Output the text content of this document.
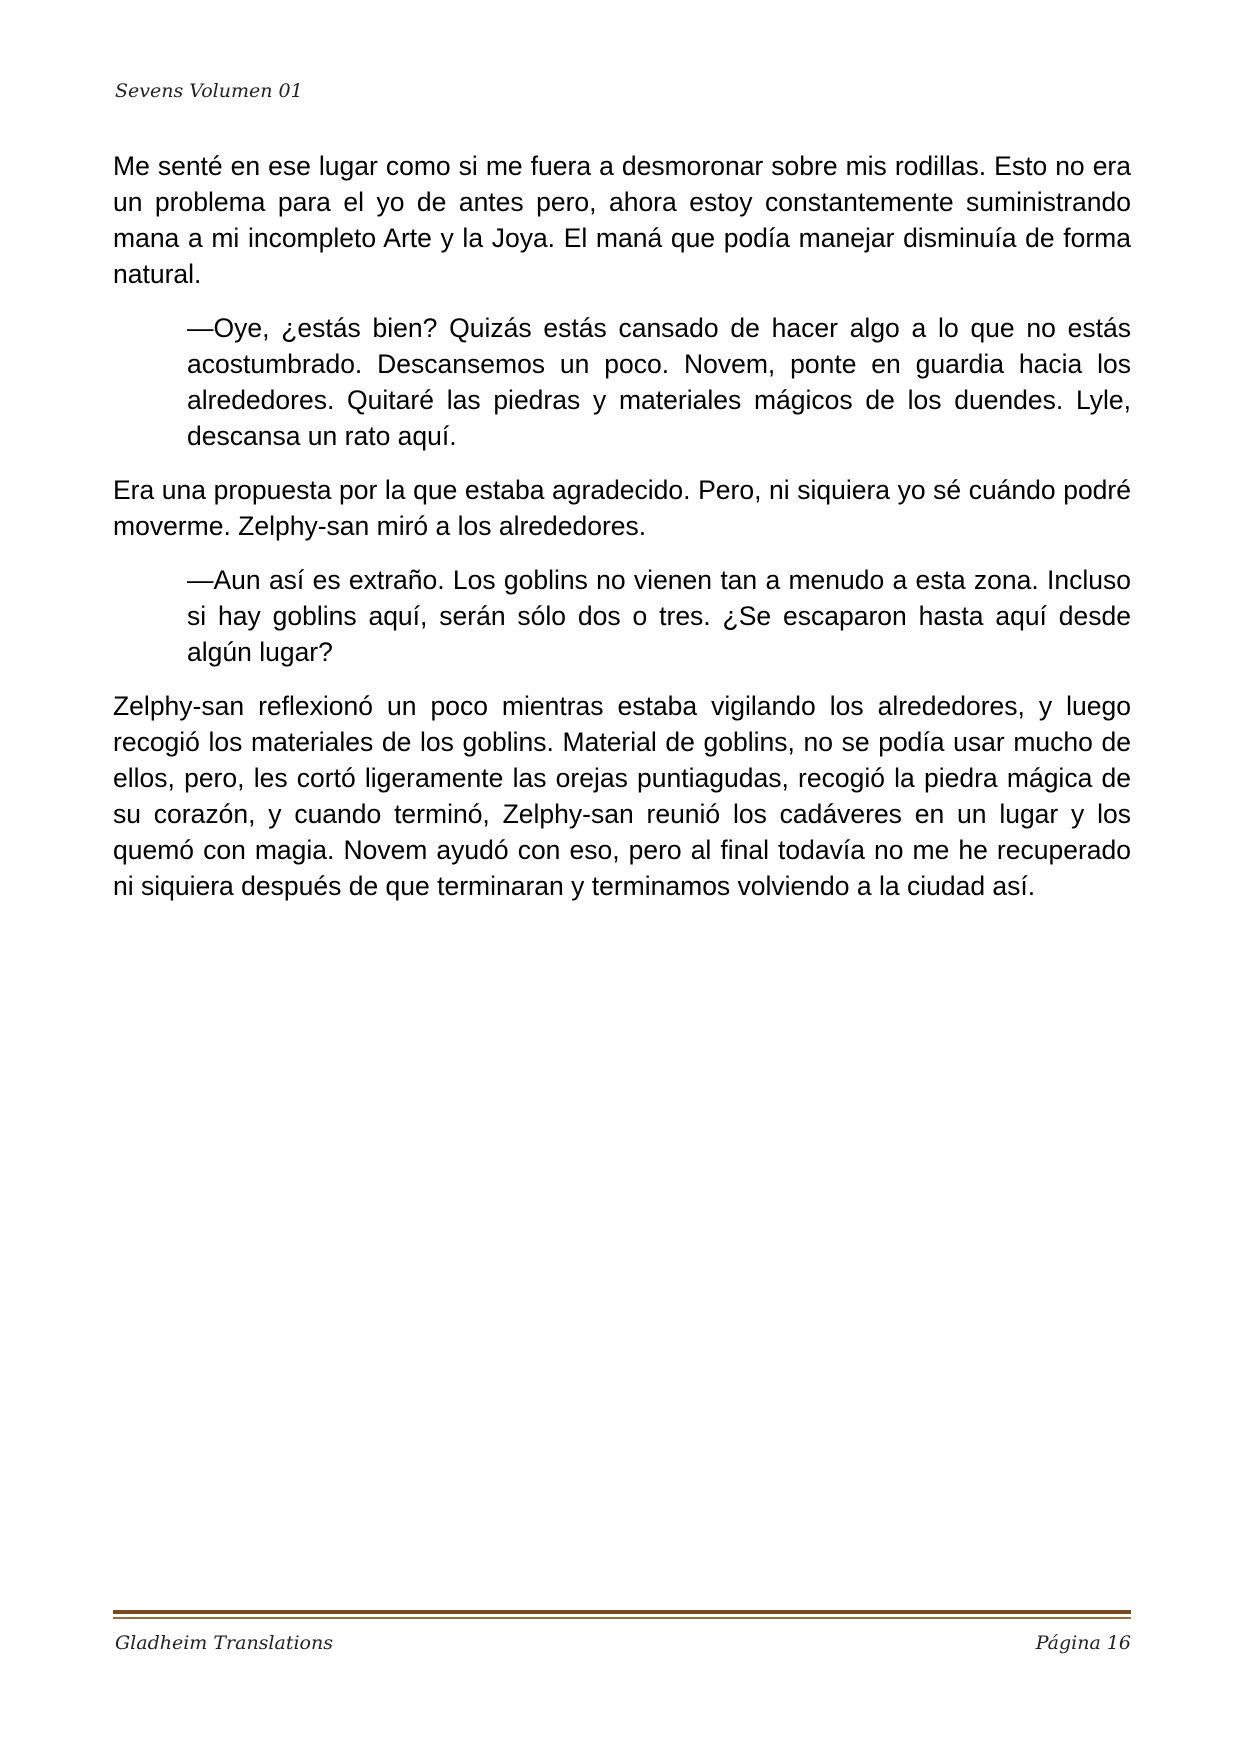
Sevens Volumen 01

Me senté en ese lugar como si me fuera a desmoronar sobre mis rodillas. Esto no era un problema para el yo de antes pero, ahora estoy constantemente suministrando mana a mi incompleto Arte y la Joya. El maná que podía manejar disminuía de forma natural.

—Oye, ¿estás bien? Quizás estás cansado de hacer algo a lo que no estás acostumbrado. Descansemos un poco. Novem, ponte en guardia hacia los alrededores. Quitaré las piedras y materiales mágicos de los duendes. Lyle, descansa un rato aquí.

Era una propuesta por la que estaba agradecido. Pero, ni siquiera yo sé cuándo podré moverme. Zelphy-san miró a los alrededores.

—Aun así es extraño. Los goblins no vienen tan a menudo a esta zona. Incluso si hay goblins aquí, serán sólo dos o tres. ¿Se escaparon hasta aquí desde algún lugar?

Zelphy-san reflexionó un poco mientras estaba vigilando los alrededores, y luego recogió los materiales de los goblins. Material de goblins, no se podía usar mucho de ellos, pero, les cortó ligeramente las orejas puntiagudas, recogió la piedra mágica de su corazón, y cuando terminó, Zelphy-san reunió los cadáveres en un lugar y los quemó con magia. Novem ayudó con eso, pero al final todavía no me he recuperado ni siquiera después de que terminaran y terminamos volviendo a la ciudad así.

Gladheim Translations	Página 16
